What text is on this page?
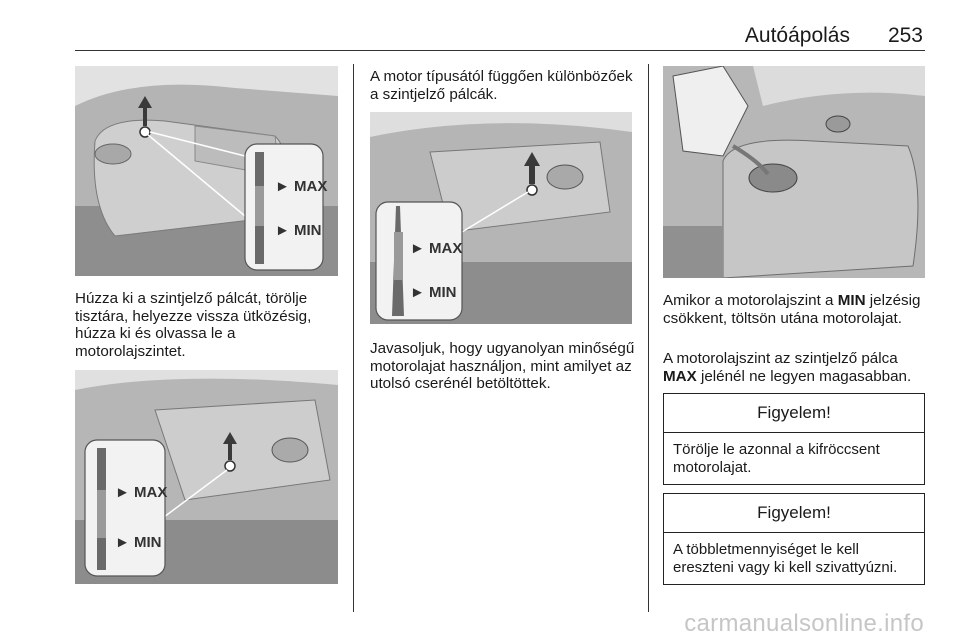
Autóápolás 253
► MAX
► MIN

Húzza ki a szintjelző pálcát, törölje tisztára, helyezze vissza ütközésig, húzza ki és olvassa le a motorolajszintet.

► MAX
► MIN

A motor típusától függően különbözőek a szintjelző pálcák.

► MAX
► MIN

Javasoljuk, hogy ugyanolyan minőségű motorolajat használjon, mint amilyet az utolsó cserénél betöltöttek.

Amikor a motorolajszint a MIN jelzésig csökkent, töltsön utána motorolajat.

A motorolajszint az szintjelző pálca MAX jelénél ne legyen magasabban.

Figyelem!
Törölje le azonnal a kifröccsent motorolajat.
Figyelem!
A többletmennyiséget le kell ereszteni vagy ki kell szivattyúzni.
carmanualsonline.info
